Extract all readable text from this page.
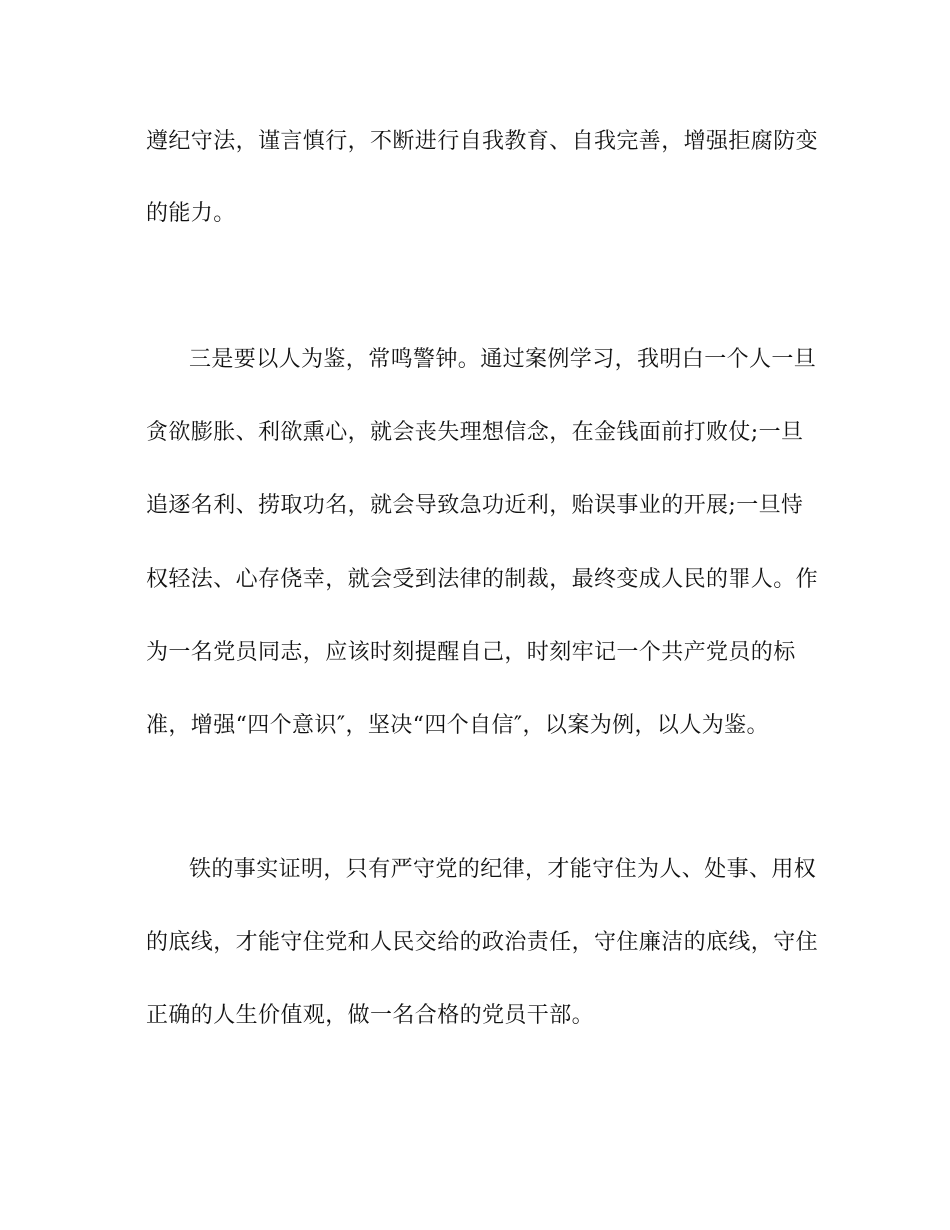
遵纪守法，谨言慎行，不断进行自我教育、自我完善，增强拒腐防变
的能力。
三是要以人为鉴，常鸣警钟。通过案例学习，我明白一个人一旦
贪欲膨胀、利欲熏心，就会丧失理想信念，在金钱面前打败仗;一旦
追逐名利、捞取功名，就会导致急功近利，贻误事业的开展;一旦恃
权轻法、心存侥幸，就会受到法律的制裁，最终变成人民的罪人。作
为一名党员同志，应该时刻提醒自己，时刻牢记一个共产党员的标
准，增强“四个意识″，坚决“四个自信″，以案为例，以人为鉴。
铁的事实证明，只有严守党的纪律，才能守住为人、处事、用权
的底线，才能守住党和人民交给的政治责任，守住廉洁的底线，守住
正确的人生价值观，做一名合格的党员干部。
